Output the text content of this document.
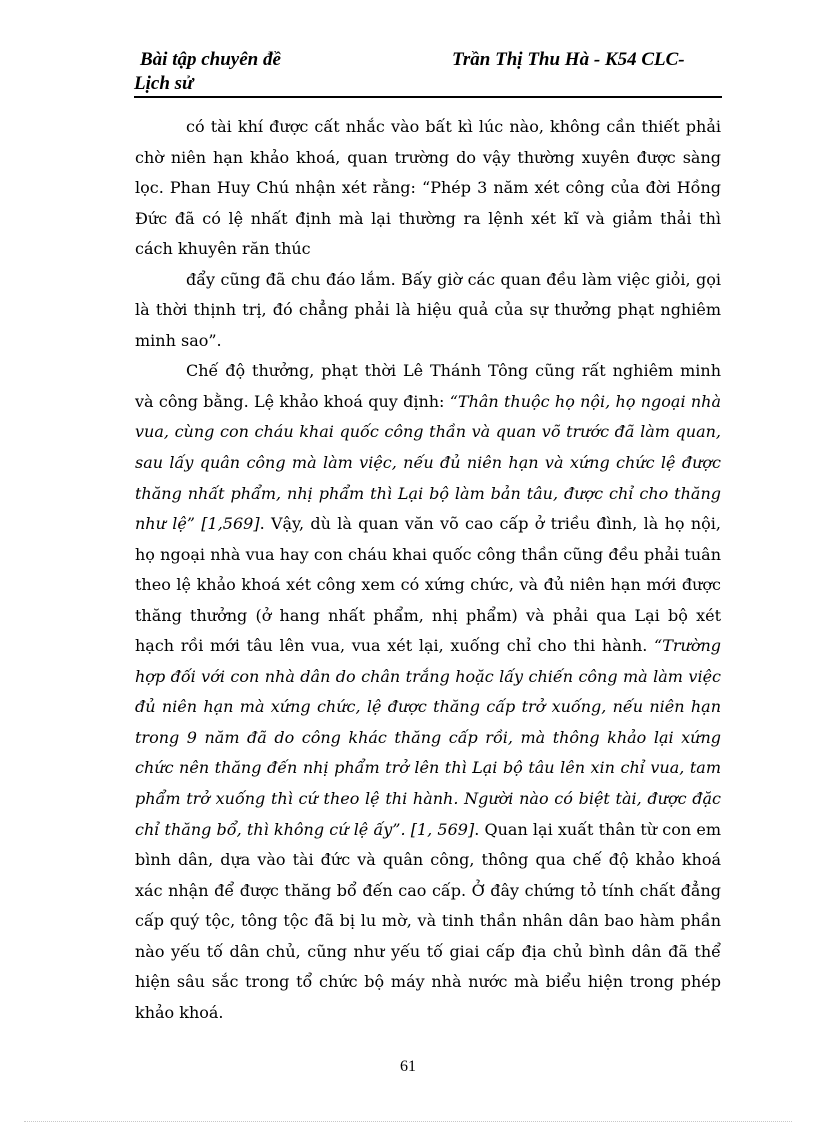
Bài tập chuyên đề
Lịch sử
Trần Thị Thu Hà - K54 CLC-

có tài khí được cất nhắc vào bất kì lúc nào, không cần thiết phải chờ niên hạn khảo khoá, quan trường do vậy thường xuyên được sàng lọc. Phan Huy Chú nhận xét rằng: “Phép 3 năm xét công của đời Hồng Đức đã có lệ nhất định mà lại thường ra lệnh xét kĩ và giảm thải thì cách khuyên răn thúc

đẩy cũng đã chu đáo lắm. Bấy giờ các quan đều làm việc giỏi, gọi là thời thịnh trị, đó chẳng phải là hiệu quả của sự thưởng phạt nghiêm minh sao”.

Chế độ thưởng, phạt thời Lê Thánh Tông cũng rất nghiêm minh và công bằng. Lệ khảo khoá quy định: “Thân thuộc họ nội, họ ngoại nhà vua, cùng con cháu khai quốc công thần và quan võ trước đã làm quan, sau lấy quân công mà làm việc, nếu đủ niên hạn và xứng chức lệ được thăng nhất phẩm, nhị phẩm thì Lại bộ làm bản tâu, được chỉ cho thăng như lệ” [1,569]. Vậy, dù là quan văn võ cao cấp ở triều đình, là họ nội, họ ngoại nhà vua hay con cháu khai quốc công thần cũng đều phải tuân theo lệ khảo khoá xét công xem có xứng chức, và đủ niên hạn mới được thăng thưởng (ở hang nhất phẩm, nhị phẩm) và phải qua Lại bộ xét hạch rồi mới tâu lên vua, vua xét lại, xuống chỉ cho thi hành. “Trường hợp đối với con nhà dân do chân trắng hoặc lấy chiến công mà làm việc đủ niên hạn mà xứng chức, lệ được thăng cấp trở xuống, nếu niên hạn trong 9 năm đã do công khác thăng cấp rồi, mà thông khảo lại xứng chức nên thăng đến nhị phẩm trở lên thì Lại bộ tâu lên xin chỉ vua, tam phẩm trở xuống thì cứ theo lệ thi hành. Người nào có biệt tài, được đặc chỉ thăng bổ, thì không cứ lệ ấy”. [1, 569]. Quan lại xuất thân từ con em bình dân, dựa vào tài đức và quân công, thông qua chế độ khảo khoá xác nhận để được thăng bổ đến cao cấp. Ở đây chứng tỏ tính chất đẳng cấp quý tộc, tông tộc đã bị lu mờ, và tinh thần nhân dân bao hàm phần nào yếu tố dân chủ, cũng như yếu tố giai cấp địa chủ bình dân đã thể hiện sâu sắc trong tổ chức bộ máy nhà nước mà biểu hiện trong phép khảo khoá.

61
